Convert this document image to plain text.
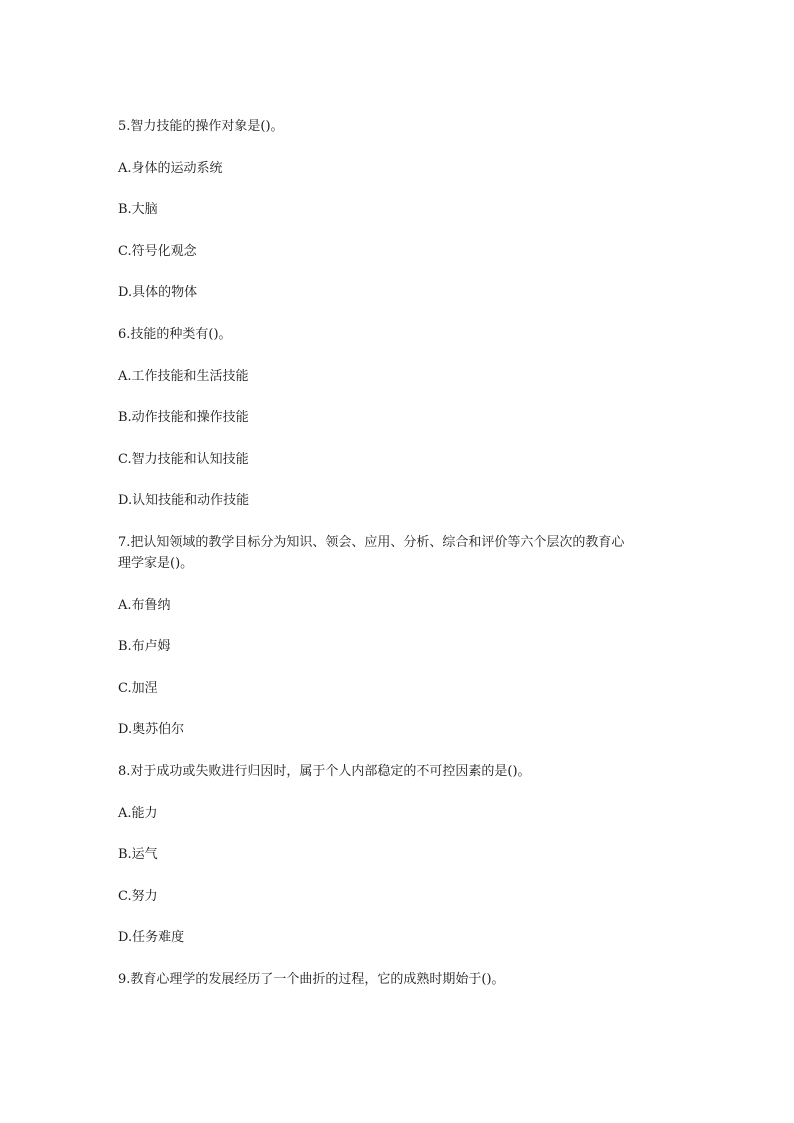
5.智力技能的操作对象是()。

A.身体的运动系统

B.大脑

C.符号化观念

D.具体的物体

6.技能的种类有()。

A.工作技能和生活技能

B.动作技能和操作技能

C.智力技能和认知技能

D.认知技能和动作技能

7.把认知领域的教学目标分为知识、领会、应用、分析、综合和评价等六个层次的教育心

理学家是()。

A.布鲁纳

B.布卢姆

C.加涅

D.奥苏伯尔

8.对于成功或失败进行归因时，属于个人内部稳定的不可控因素的是()。

A.能力

B.运气

C.努力

D.任务难度

9.教育心理学的发展经历了一个曲折的过程，它的成熟时期始于()。
